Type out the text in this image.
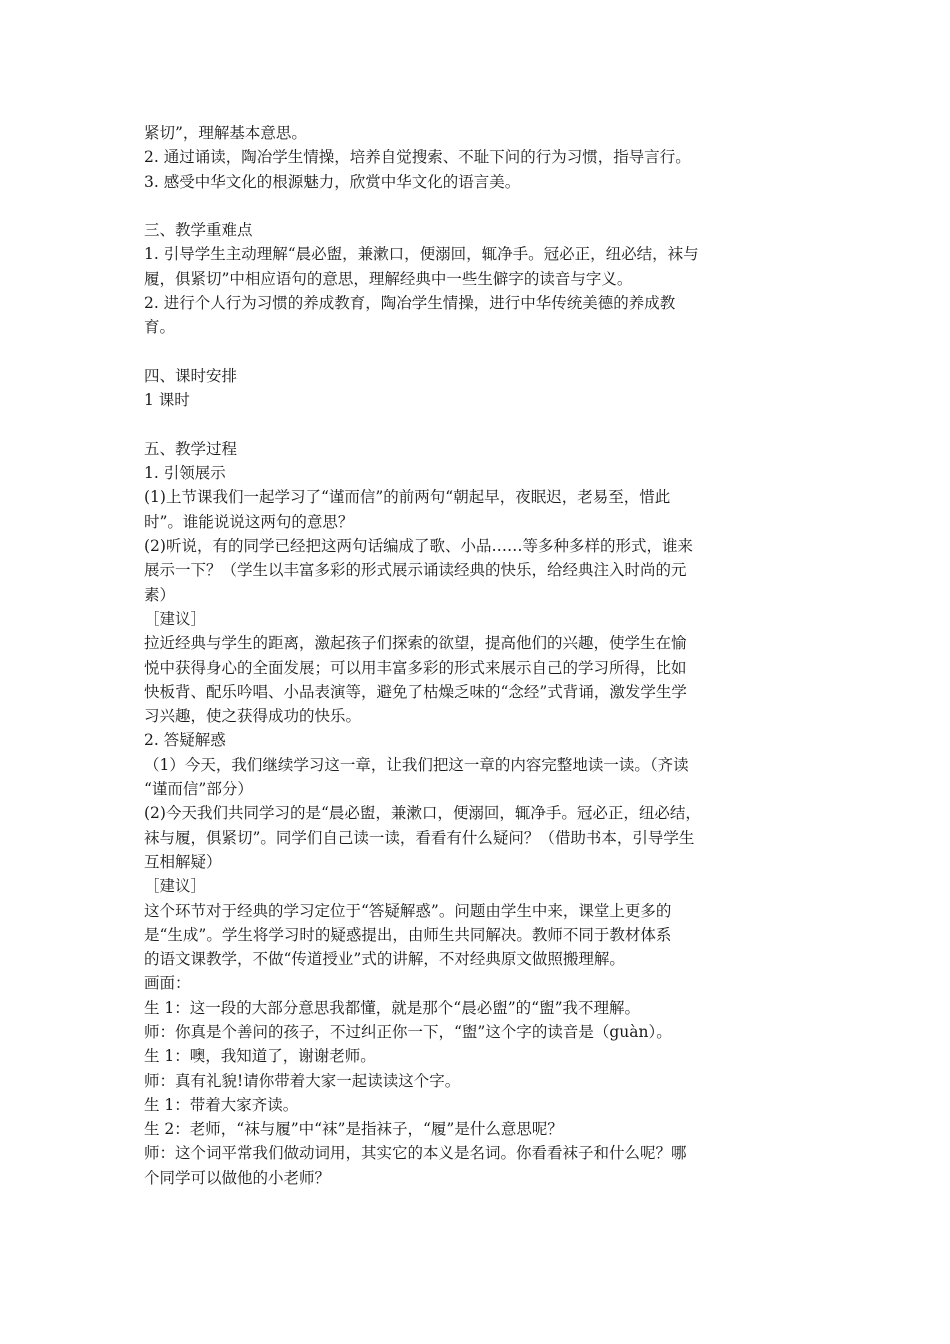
紧切”，理解基本意思。
2. 通过诵读，陶冶学生情操，培养自觉搜索、不耻下问的行为习惯，指导言行。
3. 感受中华文化的根源魅力，欣赏中华文化的语言美。
三、教学重难点
1. 引导学生主动理解“晨必盥，兼漱口，便溺回，辄净手。冠必正，纽必结，袜与
履，俱紧切”中相应语句的意思，理解经典中一些生僻字的读音与字义。
2. 进行个人行为习惯的养成教育，陶冶学生情操，进行中华传统美德的养成教
育。
四、课时安排
1 课时
五、教学过程
1. 引领展示
(1)上节课我们一起学习了“谨而信”的前两句“朝起早，夜眠迟，老易至，惜此
时”。谁能说说这两句的意思？
(2)听说，有的同学已经把这两句话编成了歌、小品……等多种多样的形式，谁来
展示一下？（学生以丰富多彩的形式展示诵读经典的快乐，给经典注入时尚的元
素）
［建议］
拉近经典与学生的距离，激起孩子们探索的欲望，提高他们的兴趣，使学生在愉
悦中获得身心的全面发展；可以用丰富多彩的形式来展示自己的学习所得，比如
快板背、配乐吟唱、小品表演等，避免了枯燥乏味的“念经”式背诵，激发学生学
习兴趣，使之获得成功的快乐。
2. 答疑解惑
（1）今天，我们继续学习这一章，让我们把这一章的内容完整地读一读。（齐读
“谨而信”部分）
(2)今天我们共同学习的是“晨必盥，兼漱口，便溺回，辄净手。冠必正，纽必结，
袜与履，俱紧切”。同学们自己读一读，看看有什么疑问？（借助书本，引导学生
互相解疑）
［建议］
这个环节对于经典的学习定位于“答疑解惑”。问题由学生中来，课堂上更多的
是“生成”。学生将学习时的疑惑提出，由师生共同解决。教师不同于教材体系
的语文课教学，不做“传道授业”式的讲解，不对经典原文做照搬理解。
画面：
生 1：这一段的大部分意思我都懂，就是那个“晨必盥”的“盥”我不理解。
师：你真是个善问的孩子，不过纠正你一下，“盥”这个字的读音是（guàn）。
生 1：噢，我知道了，谢谢老师。
师：真有礼貌!请你带着大家一起读读这个字。
生 1：带着大家齐读。
生 2：老师，“袜与履”中“袜”是指袜子，“履”是什么意思呢？
师：这个词平常我们做动词用，其实它的本义是名词。你看看袜子和什么呢？哪
个同学可以做他的小老师？
